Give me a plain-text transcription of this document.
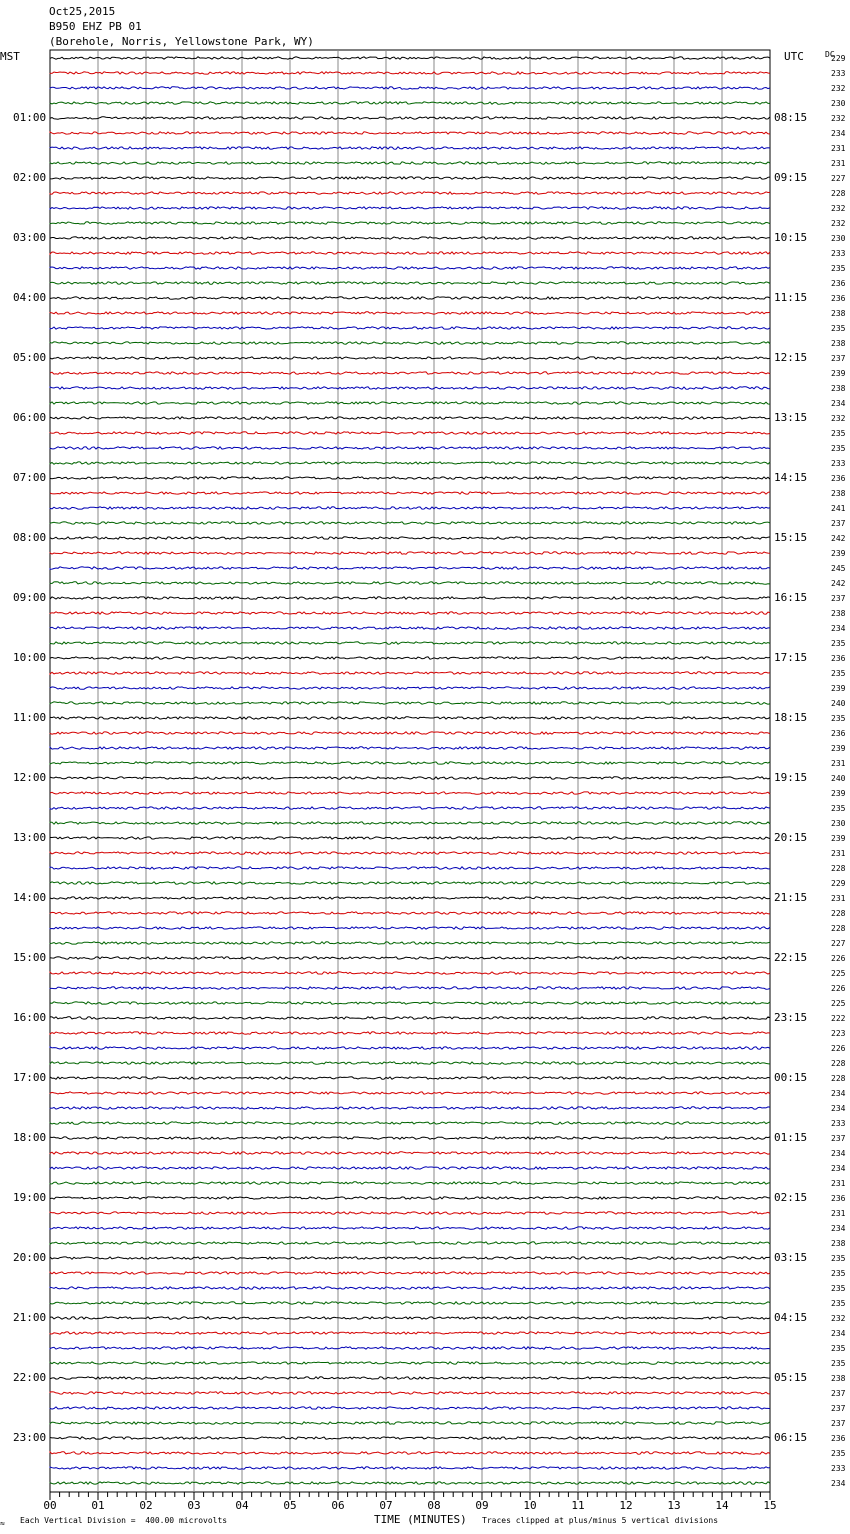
Oct25,2015
B950 EHZ PB 01
(Borehole, Norris, Yellowstone Park, WY)
MST	UTC	DC
01:00
02:00
03:00
04:00
05:00
06:00
07:00
08:00
09:00
10:00
11:00
12:00
13:00
14:00
15:00
16:00
17:00
18:00
19:00
20:00
21:00
22:00
23:00
08:15
09:15
10:15
11:15
12:15
13:15
14:15
15:15
16:15
17:15
18:15
19:15
20:15
21:15
22:15
23:15
00:15
01:15
02:15
03:15
04:15
05:15
06:15
229
233
232
230
232
234
231
231
227
228
232
232
230
233
235
236
236
238
235
238
237
239
238
234
232
235
235
233
236
238
241
237
242
239
245
242
237
238
234
235
236
235
239
240
235
236
239
231
240
239
235
230
239
231
228
229
231
228
228
227
226
225
226
225
222
223
226
228
228
234
234
233
237
234
234
231
236
231
234
238
235
235
235
235
232
234
235
235
238
237
237
237
236
235
233
234
00	01	02	03	04	05	06	07	08	09	10	11	12	13	14	15
≈ Each Vertical Division =  400.00 microvolts	TIME (MINUTES) Traces clipped at plus/minus 5 vertical divisions
